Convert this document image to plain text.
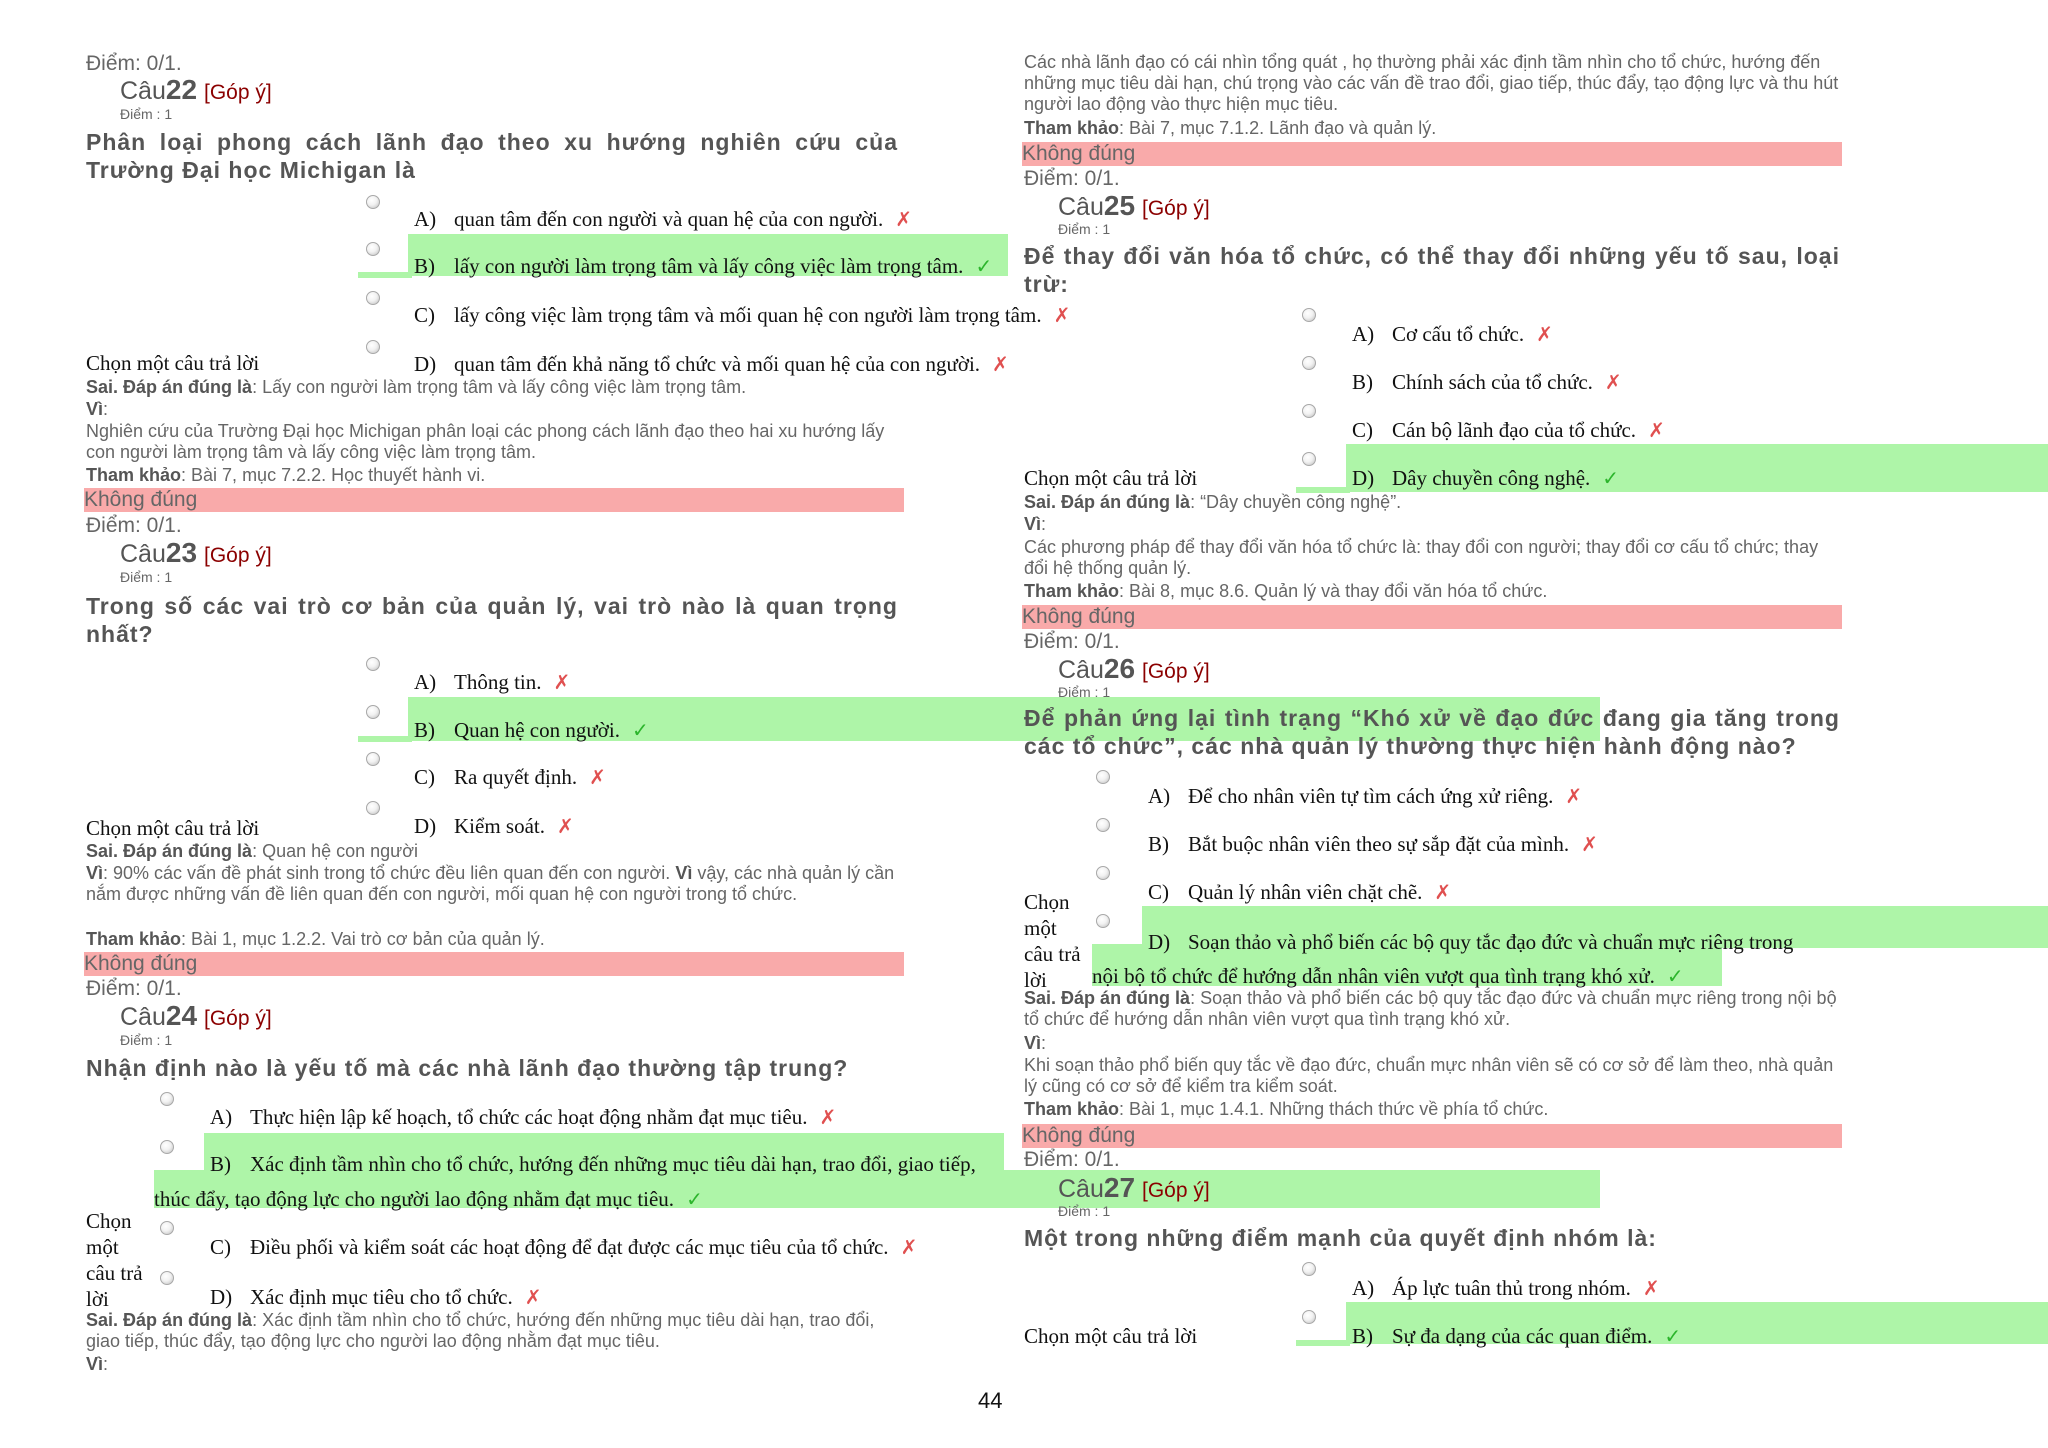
Điểm: 0/1.
Câu22 [Góp ý]
Điểm : 1
Phân loại phong cách lãnh đạo theo xu hướng nghiên cứu của Trường Đại học Michigan là
A) quan tâm đến con người và quan hệ của con người. ✗
B) lấy con người làm trọng tâm và lấy công việc làm trọng tâm. ✓
C) lấy công việc làm trọng tâm và mối quan hệ con người làm trọng tâm. ✗
Chọn một câu trả lời	D) quan tâm đến khả năng tổ chức và mối quan hệ của con người. ✗
Sai. Đáp án đúng là: Lấy con người làm trọng tâm và lấy công việc làm trọng tâm.
Vì:
Nghiên cứu của Trường Đại học Michigan phân loại các phong cách lãnh đạo theo hai xu hướng lấy con người làm trọng tâm và lấy công việc làm trọng tâm.
Tham khảo: Bài 7, mục 7.2.2. Học thuyết hành vi.
Không đúng
Điểm: 0/1.
Câu23 [Góp ý]
Điểm : 1
Trong số các vai trò cơ bản của quản lý, vai trò nào là quan trọng nhất?
A) Thông tin. ✗
B) Quan hệ con người. ✓
C) Ra quyết định. ✗
Chọn một câu trả lời	D) Kiểm soát. ✗
Sai. Đáp án đúng là: Quan hệ con người
Vì: 90% các vấn đề phát sinh trong tổ chức đều liên quan đến con người. Vì vậy, các nhà quản lý cần nắm được những vấn đề liên quan đến con người, mối quan hệ con người trong tổ chức.
Tham khảo: Bài 1, mục 1.2.2. Vai trò cơ bản của quản lý.
Không đúng
Điểm: 0/1.
Câu24 [Góp ý]
Điểm : 1
Nhận định nào là yếu tố mà các nhà lãnh đạo thường tập trung?
A) Thực hiện lập kế hoạch, tổ chức các hoạt động nhằm đạt mục tiêu. ✗
B) Xác định tầm nhìn cho tổ chức, hướng đến những mục tiêu dài hạn, trao đổi, giao tiếp,
thúc đẩy, tạo động lực cho người lao động nhằm đạt mục tiêu. ✓
Chọn
một
câu trả
lời
C) Điều phối và kiểm soát các hoạt động để đạt được các mục tiêu của tổ chức. ✗
D) Xác định mục tiêu cho tổ chức. ✗
Sai. Đáp án đúng là: Xác định tầm nhìn cho tổ chức, hướng đến những mục tiêu dài hạn, trao đổi, giao tiếp, thúc đẩy, tạo động lực cho người lao động nhằm đạt mục tiêu.
Vì:
Các nhà lãnh đạo có cái nhìn tổng quát , họ thường phải xác định tầm nhìn cho tổ chức, hướng đến những mục tiêu dài hạn, chú trọng vào các vấn đề trao đổi, giao tiếp, thúc đẩy, tạo động lực và thu hút người lao động vào thực hiện mục tiêu.
Tham khảo: Bài 7, mục 7.1.2. Lãnh đạo và quản lý.
Không đúng
Điểm: 0/1.
Câu25 [Góp ý]
Điểm : 1
Để thay đổi văn hóa tổ chức, có thể thay đổi những yếu tố sau, loại trừ:
A) Cơ cấu tổ chức. ✗
B) Chính sách của tổ chức. ✗
C) Cán bộ lãnh đạo của tổ chức. ✗
Chọn một câu trả lời	D) Dây chuyền công nghệ. ✓
Sai. Đáp án đúng là: “Dây chuyền công nghệ”.
Vì:
Các phương pháp để thay đổi văn hóa tổ chức là: thay đổi con người; thay đổi cơ cấu tổ chức; thay đổi hệ thống quản lý.
Tham khảo: Bài 8, mục 8.6. Quản lý và thay đổi văn hóa tổ chức.
Không đúng
Điểm: 0/1.
Câu26 [Góp ý]
Điểm : 1
Để phản ứng lại tình trạng “Khó xử về đạo đức đang gia tăng trong các tổ chức”, các nhà quản lý thường thực hiện hành động nào?
A) Để cho nhân viên tự tìm cách ứng xử riêng. ✗
B) Bắt buộc nhân viên theo sự sắp đặt của mình. ✗
C) Quản lý nhân viên chặt chẽ. ✗
Chọn
một
câu trả
lời
D) Soạn thảo và phổ biến các bộ quy tắc đạo đức và chuẩn mực riêng trong
nội bộ tổ chức để hướng dẫn nhân viên vượt qua tình trạng khó xử. ✓
Sai. Đáp án đúng là: Soạn thảo và phổ biến các bộ quy tắc đạo đức và chuẩn mực riêng trong nội bộ tổ chức để hướng dẫn nhân viên vượt qua tình trạng khó xử.
Vì:
Khi soạn thảo phổ biến quy tắc về đạo đức, chuẩn mực nhân viên sẽ có cơ sở để làm theo, nhà quản lý cũng có cơ sở để kiểm tra kiểm soát.
Tham khảo: Bài 1, mục 1.4.1. Những thách thức về phía tổ chức.
Không đúng
Điểm: 0/1.
Câu27 [Góp ý]
Điểm : 1
Một trong những điểm mạnh của quyết định nhóm là:
A) Áp lực tuân thủ trong nhóm. ✗
Chọn một câu trả lời	B) Sự đa dạng của các quan điểm. ✓
44
